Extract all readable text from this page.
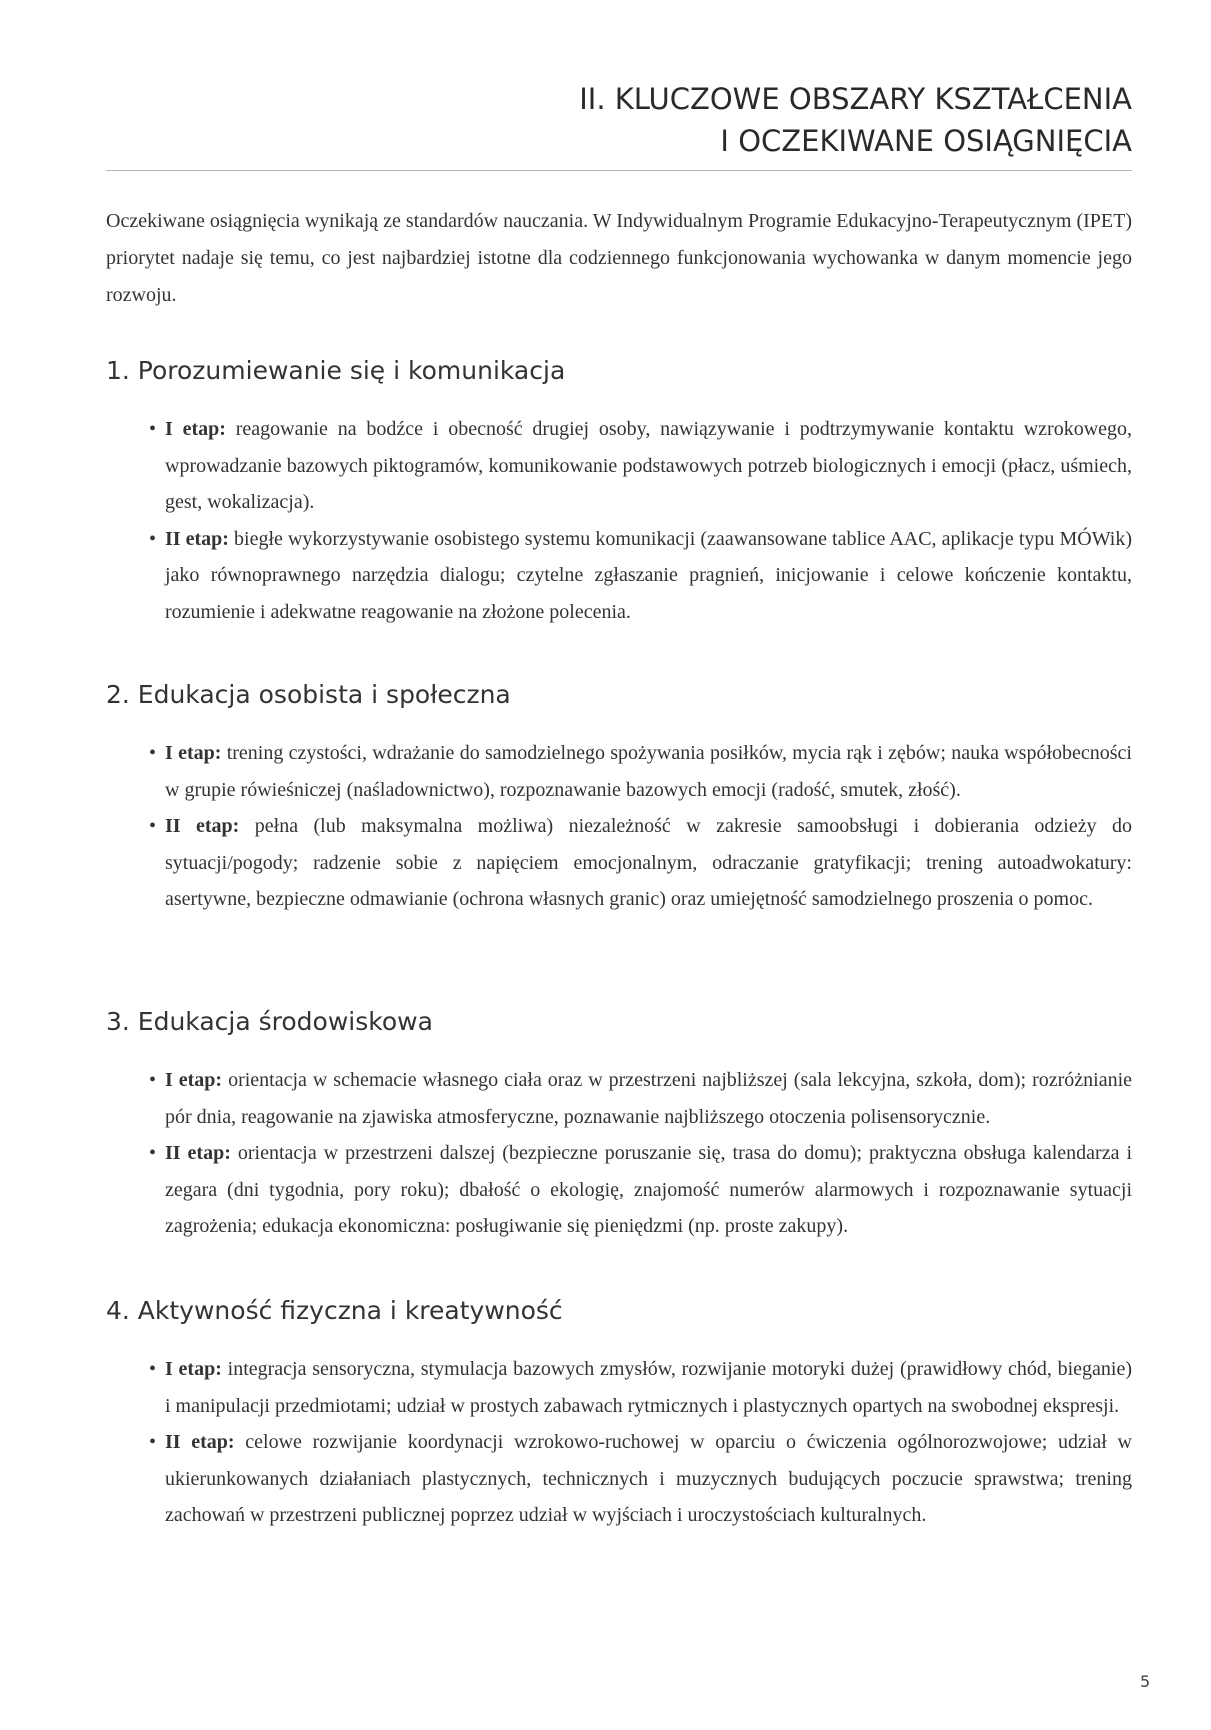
II. KLUCZOWE OBSZARY KSZTAŁCENIA
I OCZEKIWANE OSIĄGNIĘCIA

Oczekiwane osiągnięcia wynikają ze standardów nauczania. W Indywidualnym Programie Edukacyjno-Terapeutycznym (IPET) priorytet nadaje się temu, co jest najbardziej istotne dla codziennego funkcjonowania wychowanka w danym momencie jego rozwoju.

1. Porozumiewanie się i komunikacja
• I etap: reagowanie na bodźce i obecność drugiej osoby, nawiązywanie i podtrzymywanie kontaktu wzrokowego, wprowadzanie bazowych piktogramów, komunikowanie podstawowych potrzeb biologicznych i emocji (płacz, uśmiech, gest, wokalizacja).
• II etap: biegłe wykorzystywanie osobistego systemu komunikacji (zaawansowane tablice AAC, aplikacje typu MÓWik) jako równoprawnego narzędzia dialogu; czytelne zgłaszanie pragnień, inicjowanie i celowe kończenie kontaktu, rozumienie i adekwatne reagowanie na złożone polecenia.
2. Edukacja osobista i społeczna
• I etap: trening czystości, wdrażanie do samodzielnego spożywania posiłków, mycia rąk i zębów; nauka współobecności w grupie rówieśniczej (naśladownictwo), rozpoznawanie bazowych emocji (radość, smutek, złość).
• II etap: pełna (lub maksymalna możliwa) niezależność w zakresie samoobsługi i dobierania odzieży do sytuacji/pogody; radzenie sobie z napięciem emocjonalnym, odraczanie gratyfikacji; trening autoadwokatury: asertywne, bezpieczne odmawianie (ochrona własnych granic) oraz umiejętność samodzielnego proszenia o pomoc.
3. Edukacja środowiskowa
• I etap: orientacja w schemacie własnego ciała oraz w przestrzeni najbliższej (sala lekcyjna, szkoła, dom); rozróżnianie pór dnia, reagowanie na zjawiska atmosferyczne, poznawanie najbliższego otoczenia polisensorycznie.
• II etap: orientacja w przestrzeni dalszej (bezpieczne poruszanie się, trasa do domu); praktyczna obsługa kalendarza i zegara (dni tygodnia, pory roku); dbałość o ekologię, znajomość numerów alarmowych i rozpoznawanie sytuacji zagrożenia; edukacja ekonomiczna: posługiwanie się pieniędzmi (np. proste zakupy).
4. Aktywność fizyczna i kreatywność
• I etap: integracja sensoryczna, stymulacja bazowych zmysłów, rozwijanie motoryki dużej (prawidłowy chód, bieganie) i manipulacji przedmiotami; udział w prostych zabawach rytmicznych i plastycznych opartych na swobodnej ekspresji.
• II etap: celowe rozwijanie koordynacji wzrokowo-ruchowej w oparciu o ćwiczenia ogólnorozwojowe; udział w ukierunkowanych działaniach plastycznych, technicznych i muzycznych budujących poczucie sprawstwa; trening zachowań w przestrzeni publicznej poprzez udział w wyjściach i uroczystościach kulturalnych.
5
